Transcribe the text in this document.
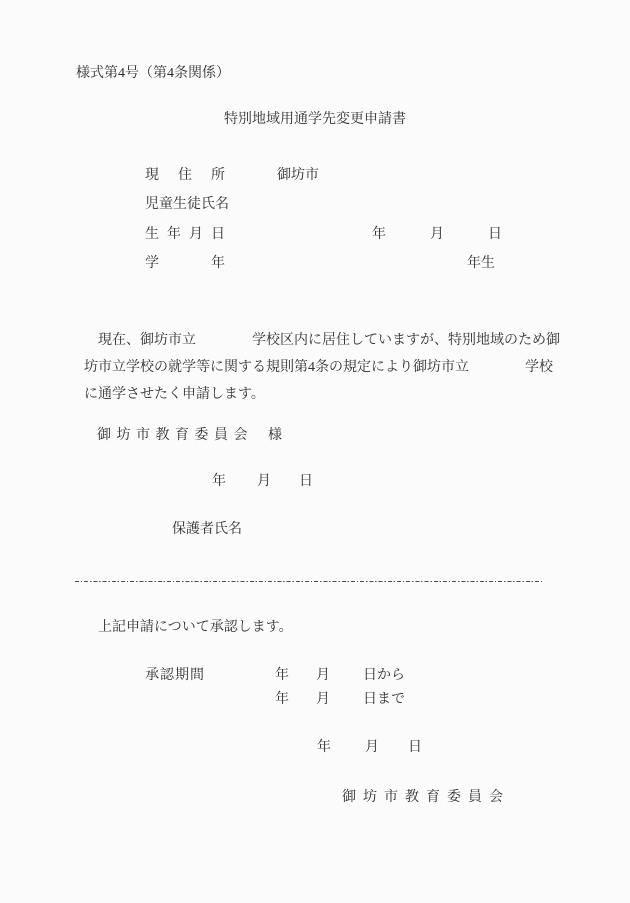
様式第4号（第4条関係）
特別地域用通学先変更申請書
現住所	御坊市
児童生徒氏名
生年月日	年	月	日
学年	年生
　現在、御坊市立　　　　学校区内に居住していますが、特別地域のため御
坊市立学校の就学等に関する規則第4条の規定により御坊市立　　　　学校
に通学させたく申請します。
御坊市教育委員会 様
年 月 日
保護者氏名
上記申請について承認します。
承認期間	年 月 日から
年 月 日まで
年 月 日
御坊市教育委員会
